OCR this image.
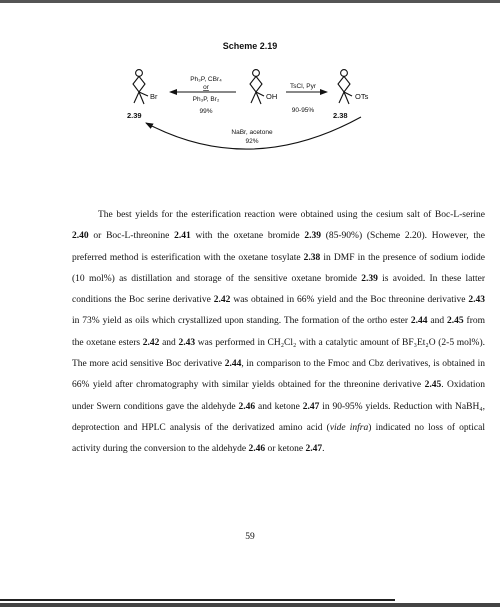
Scheme 2.19
Br
2.39
Ph₃P, CBr₄
or
Ph₃P, Br₂
99%
OH
TsCl, Pyr
90-95%
OTs
2.38
NaBr, acetone
92%

The best yields for the esterification reaction were obtained using the cesium salt of Boc-L-serine 2.40 or Boc-L-threonine 2.41 with the oxetane bromide 2.39 (85-90%) (Scheme 2.20). However, the preferred method is esterification with the oxetane tosylate 2.38 in DMF in the presence of sodium iodide (10 mol%) as distillation and storage of the sensitive oxetane bromide 2.39 is avoided. In these latter conditions the Boc serine derivative 2.42 was obtained in 66% yield and the Boc threonine derivative 2.43 in 73% yield as oils which crystallized upon standing. The formation of the ortho ester 2.44 and 2.45 from the oxetane esters 2.42 and 2.43 was performed in CH₂Cl₂ with a catalytic amount of BF₃Et₂O (2-5 mol%). The more acid sensitive Boc derivative 2.44, in comparison to the Fmoc and Cbz derivatives, is obtained in 66% yield after chromatography with similar yields obtained for the threonine derivative 2.45. Oxidation under Swern conditions gave the aldehyde 2.46 and ketone 2.47 in 90-95% yields. Reduction with NaBH₄, deprotection and HPLC analysis of the derivatized amino acid (vide infra) indicated no loss of optical activity during the conversion to the aldehyde 2.46 or ketone 2.47.

59
